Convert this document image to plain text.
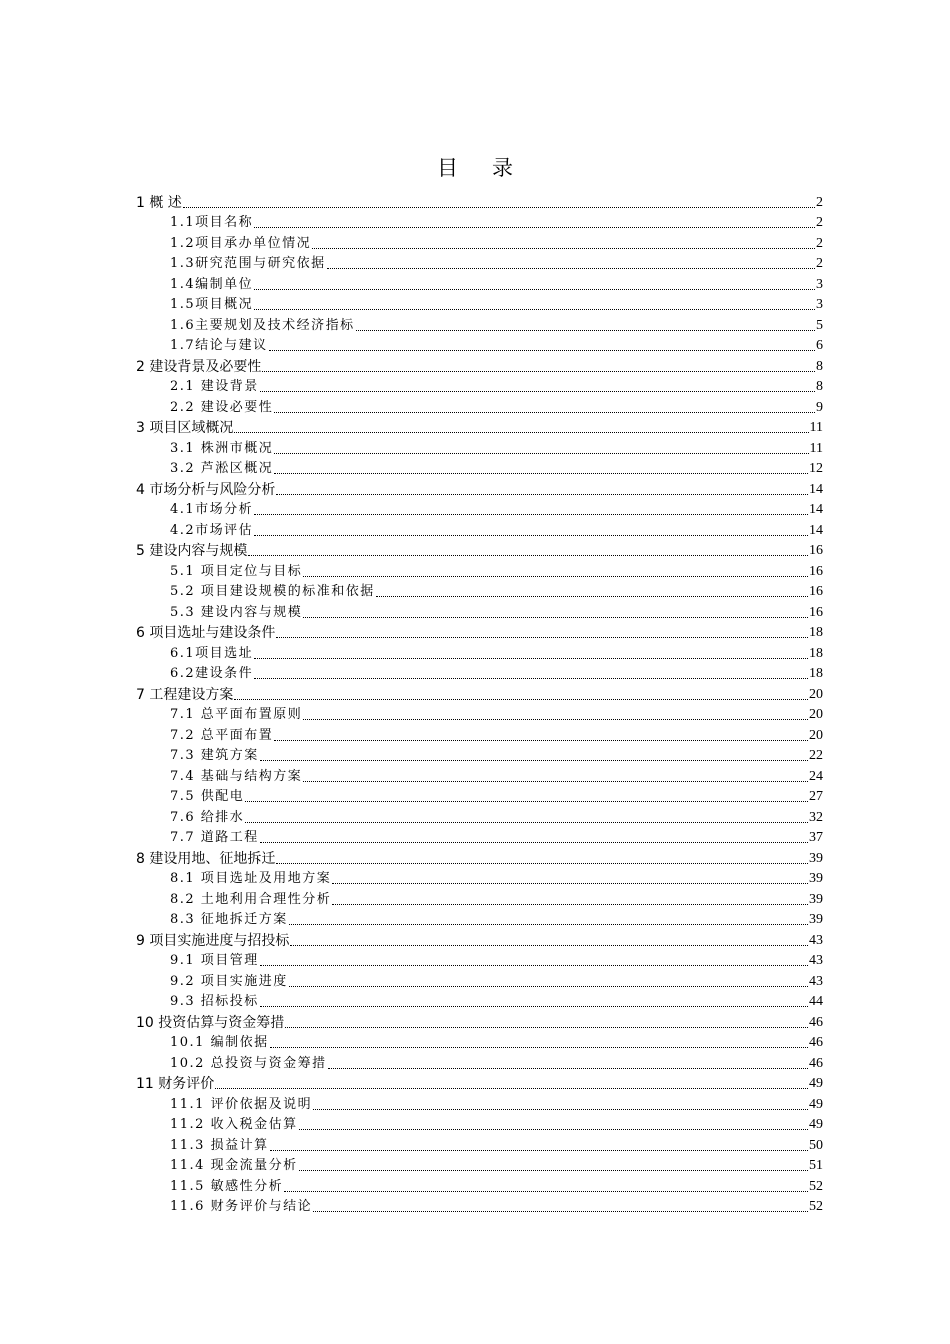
目录
1 概 述	2
1.1项目名称	2
1.2项目承办单位情况	2
1.3研究范围与研究依据	2
1.4编制单位	3
1.5项目概况	3
1.6主要规划及技术经济指标	5
1.7结论与建议	6
2 建设背景及必要性	8
2.1 建设背景	8
2.2 建设必要性	9
3 项目区域概况	11
3.1 株洲市概况	11
3.2 芦淞区概况	12
4 市场分析与风险分析	14
4.1市场分析	14
4.2市场评估	14
5 建设内容与规模	16
5.1 项目定位与目标	16
5.2 项目建设规模的标准和依据	16
5.3 建设内容与规模	16
6 项目选址与建设条件	18
6.1项目选址	18
6.2建设条件	18
7 工程建设方案	20
7.1 总平面布置原则	20
7.2 总平面布置	20
7.3 建筑方案	22
7.4 基础与结构方案	24
7.5 供配电	27
7.6 给排水	32
7.7 道路工程	37
8 建设用地、征地拆迁	39
8.1 项目选址及用地方案	39
8.2 土地利用合理性分析	39
8.3 征地拆迁方案	39
9 项目实施进度与招投标	43
9.1 项目管理	43
9.2 项目实施进度	43
9.3 招标投标	44
10 投资估算与资金筹措	46
10.1 编制依据	46
10.2 总投资与资金筹措	46
11 财务评价	49
11.1 评价依据及说明	49
11.2 收入税金估算	49
11.3 损益计算	50
11.4 现金流量分析	51
11.5 敏感性分析	52
11.6 财务评价与结论	52
